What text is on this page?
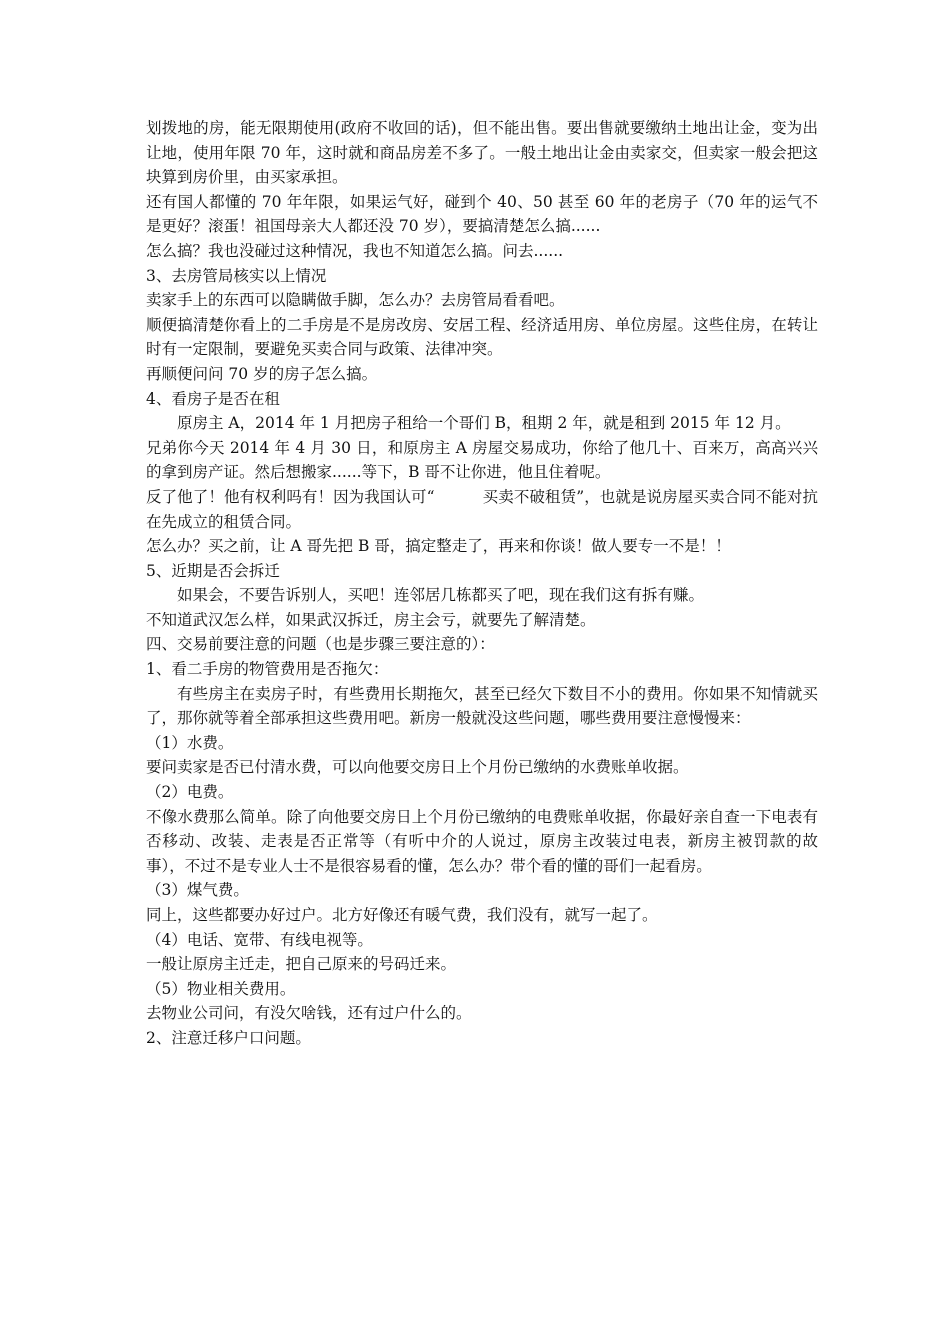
划拨地的房，能无限期使用(政府不收回的话)，但不能出售。要出售就要缴纳土地出让金，变为出让地，使用年限 70 年，这时就和商品房差不多了。一般土地出让金由卖家交，但卖家一般会把这块算到房价里，由买家承担。

还有国人都懂的 70 年年限，如果运气好，碰到个 40、50 甚至 60 年的老房子（70 年的运气不是更好？滚蛋！祖国母亲大人都还没 70 岁），要搞清楚怎么搞......

怎么搞？我也没碰过这种情况，我也不知道怎么搞。问去......

3、去房管局核实以上情况

卖家手上的东西可以隐瞒做手脚，怎么办？去房管局看看吧。

顺便搞清楚你看上的二手房是不是房改房、安居工程、经济适用房、单位房屋。这些住房，在转让时有一定限制，要避免买卖合同与政策、法律冲突。

再顺便问问 70 岁的房子怎么搞。

4、看房子是否在租

原房主 A，2014 年 1 月把房子租给一个哥们 B，租期 2 年，就是租到 2015 年 12 月。

兄弟你今天 2014 年 4 月 30 日，和原房主 A 房屋交易成功，你给了他几十、百来万，高高兴兴的拿到房产证。然后想搬家......等下，B 哥不让你进，他且住着呢。

反了他了！他有权利吗有！因为我国认可“	买卖不破租赁”，也就是说房屋买卖合同不能对抗在先成立的租赁合同。

怎么办？买之前，让 A 哥先把 B 哥，搞定整走了，再来和你谈！做人要专一不是！！

5、近期是否会拆迁

如果会，不要告诉别人，买吧！连邻居几栋都买了吧，现在我们这有拆有赚。

不知道武汉怎么样，如果武汉拆迁，房主会亏，就要先了解清楚。

四、交易前要注意的问题（也是步骤三要注意的）：

1、看二手房的物管费用是否拖欠：

有些房主在卖房子时，有些费用长期拖欠，甚至已经欠下数目不小的费用。你如果不知情就买了，那你就等着全部承担这些费用吧。新房一般就没这些问题，哪些费用要注意慢慢来：

（1）水费。

要问卖家是否已付清水费，可以向他要交房日上个月份已缴纳的水费账单收据。

（2）电费。

不像水费那么简单。除了向他要交房日上个月份已缴纳的电费账单收据，你最好亲自查一下电表有否移动、改装、走表是否正常等（有听中介的人说过，原房主改装过电表，新房主被罚款的故事），不过不是专业人士不是很容易看的懂，怎么办？带个看的懂的哥们一起看房。

（3）煤气费。

同上，这些都要办好过户。北方好像还有暖气费，我们没有，就写一起了。

（4）电话、宽带、有线电视等。

一般让原房主迁走，把自己原来的号码迁来。

（5）物业相关费用。

去物业公司问，有没欠啥钱，还有过户什么的。

2、注意迁移户口问题。
